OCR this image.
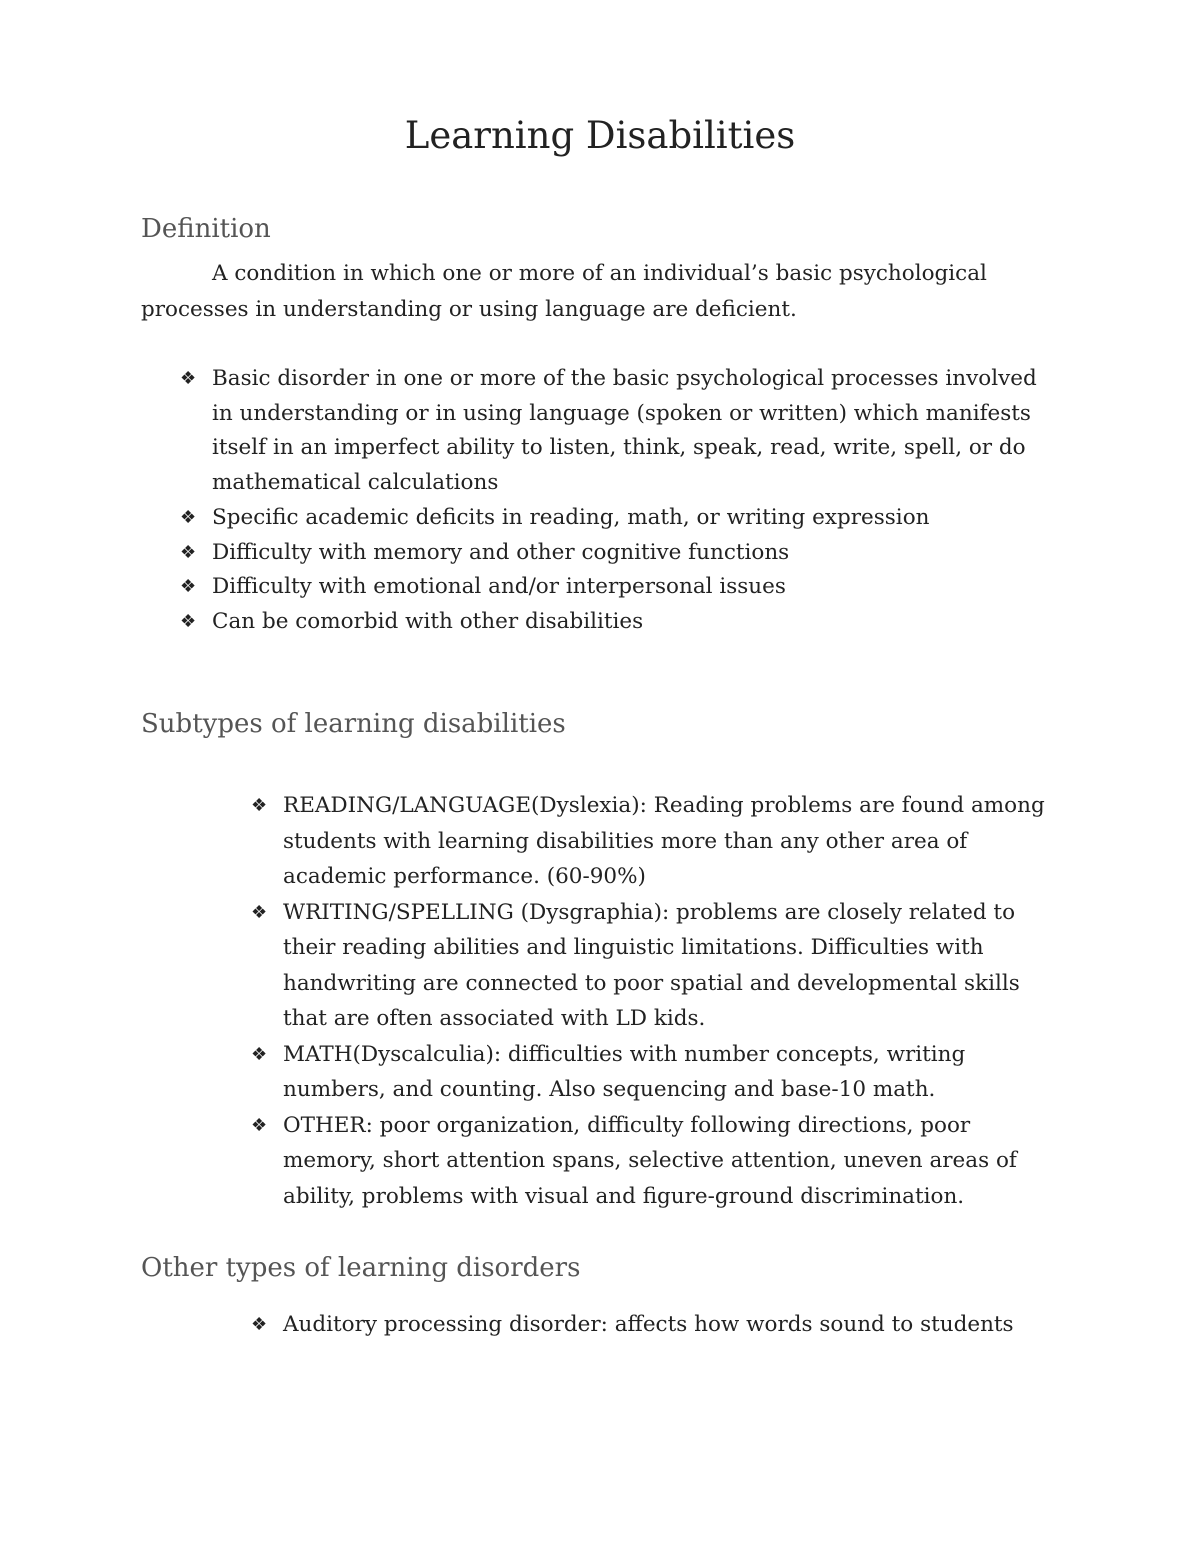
Learning Disabilities
Definition

A condition in which one or more of an individual’s basic psychological processes in understanding or using language are deficient.

❖ Basic disorder in one or more of the basic psychological processes involved in understanding or in using language (spoken or written) which manifests itself in an imperfect ability to listen, think, speak, read, write, spell, or do mathematical calculations
❖ Specific academic deficits in reading, math, or writing expression
❖ Difficulty with memory and other cognitive functions
❖ Difficulty with emotional and/or interpersonal issues
❖ Can be comorbid with other disabilities
Subtypes of learning disabilities
❖ READING/LANGUAGE(Dyslexia): Reading problems are found among students with learning disabilities more than any other area of academic performance. (60-90%)
❖ WRITING/SPELLING (Dysgraphia): problems are closely related to their reading abilities and linguistic limitations. Difficulties with handwriting are connected to poor spatial and developmental skills that are often associated with LD kids.
❖ MATH(Dyscalculia): difficulties with number concepts, writing numbers, and counting. Also sequencing and base-10 math.
❖ OTHER: poor organization, difficulty following directions, poor memory, short attention spans, selective attention, uneven areas of ability, problems with visual and figure-ground discrimination.
Other types of learning disorders
❖ Auditory processing disorder: affects how words sound to students
